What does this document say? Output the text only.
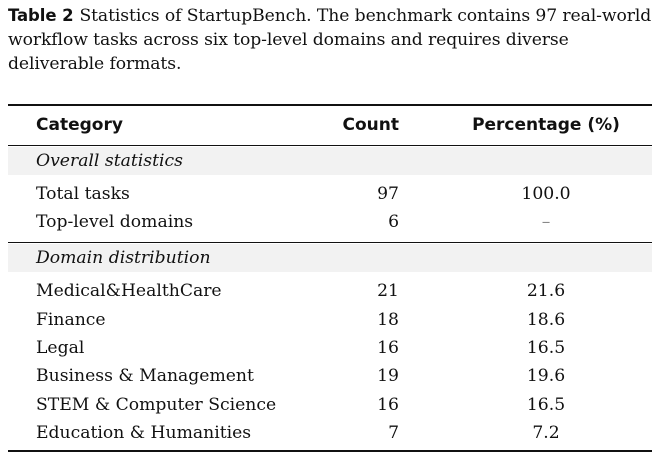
Table 2 Statistics of StartupBench. The benchmark contains 97 real-world workflow tasks across six top-level domains and requires diverse deliverable formats.
Category	Count	Percentage (%)
Overall statistics
Total tasks	97	100.0
Top-level domains	6	–
Domain distribution
Medical&HealthCare	21	21.6
Finance	18	18.6
Legal	16	16.5
Business & Management	19	19.6
STEM & Computer Science	16	16.5
Education & Humanities	7	7.2
